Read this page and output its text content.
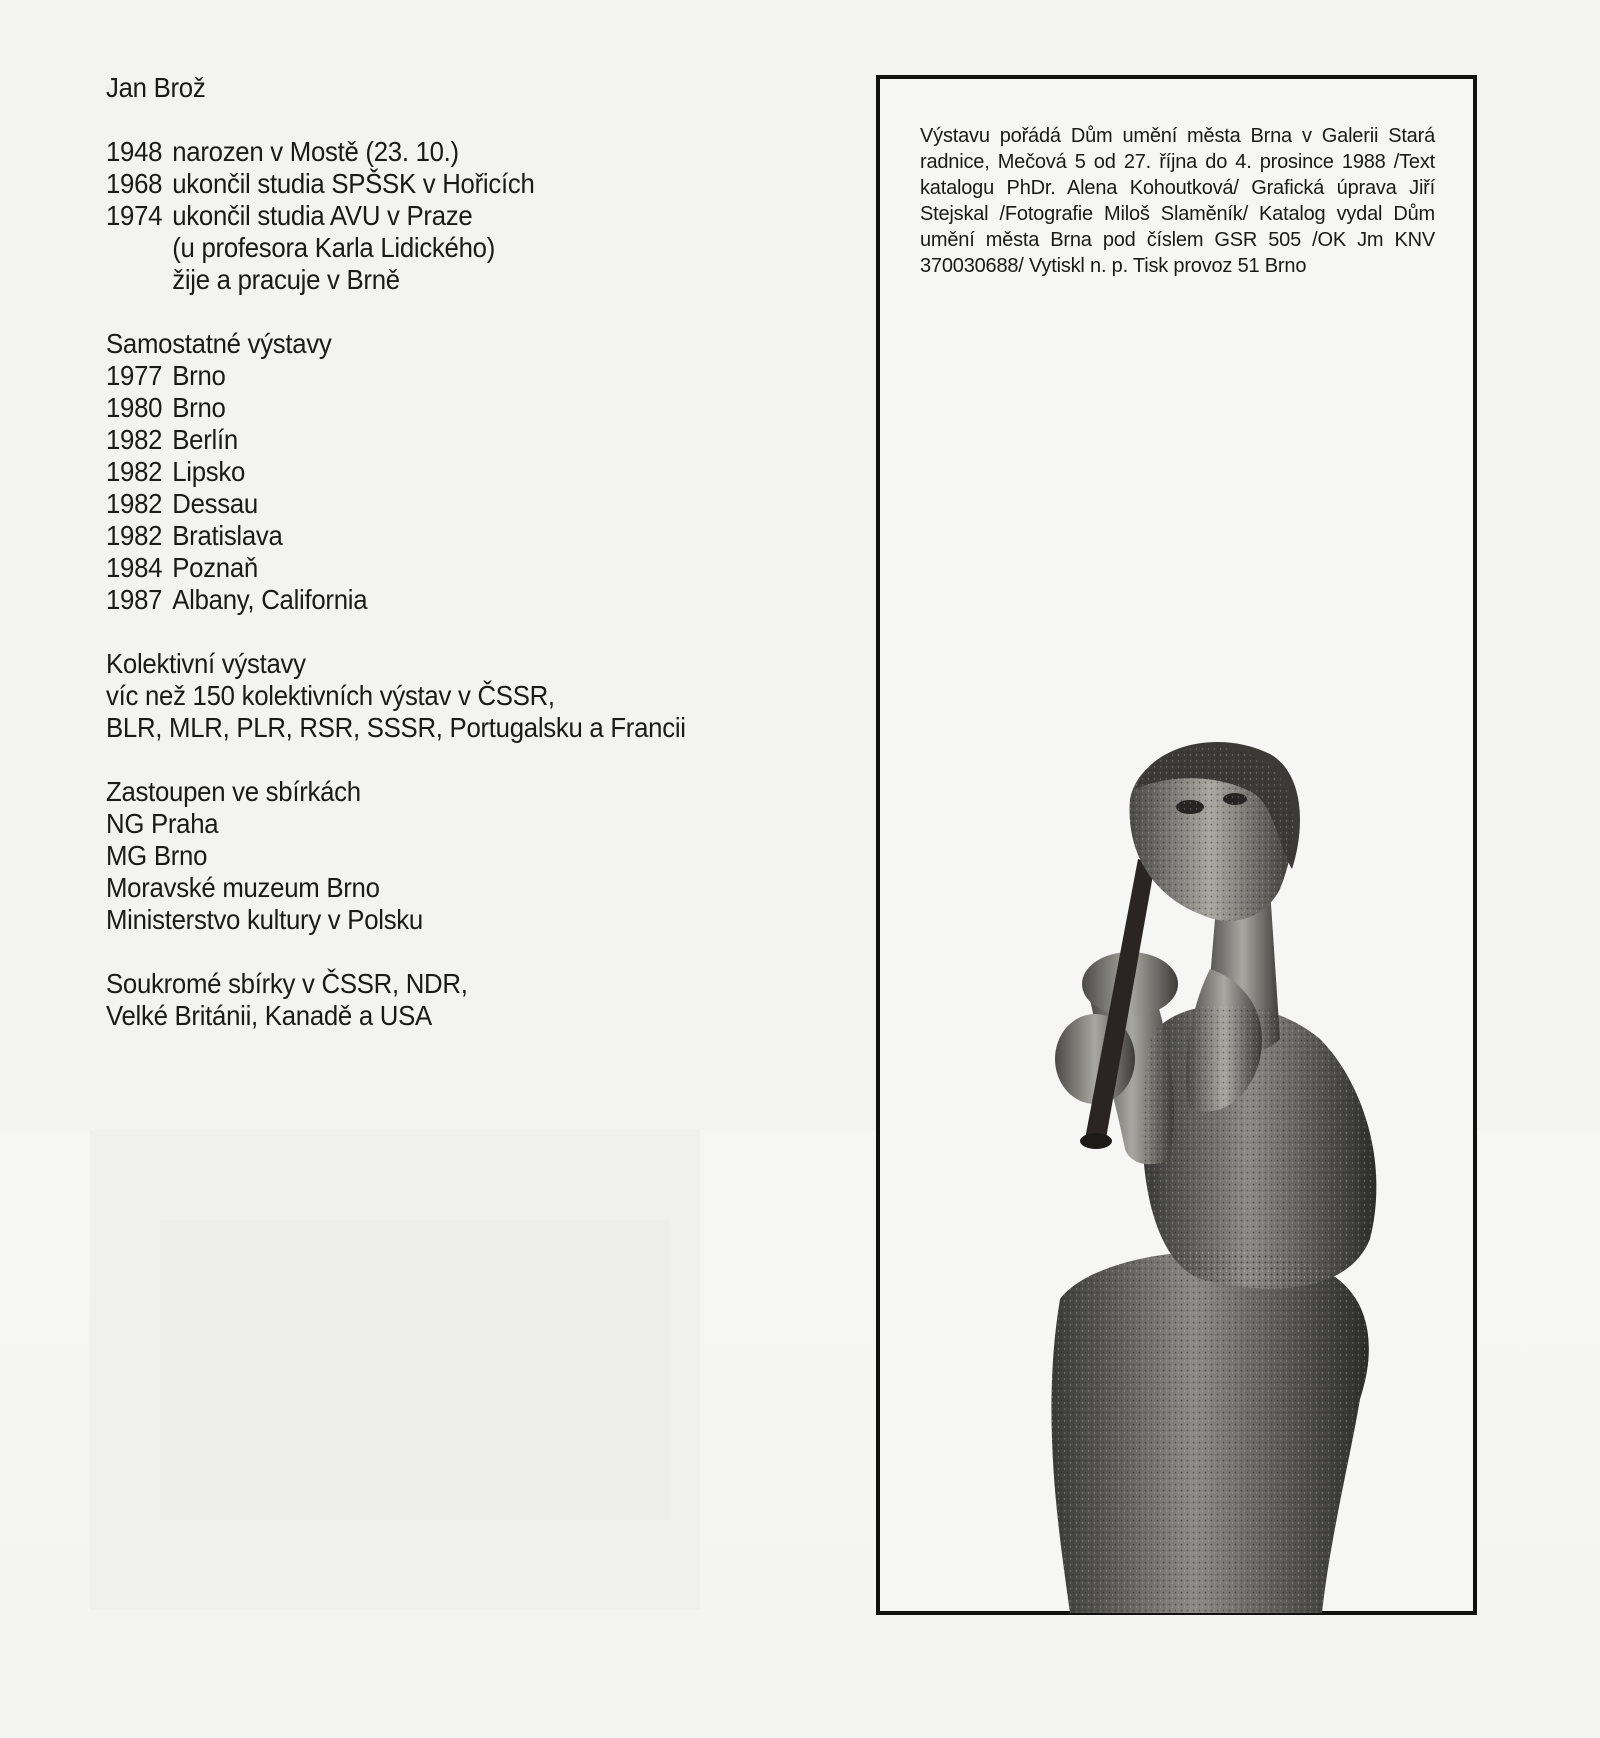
Jan Brož
1948 narozen v Mostě (23. 10.)
1968 ukončil studia SPŠSK v Hořicích
1974 ukončil studia AVU v Praze
(u profesora Karla Lidického)
žije a pracuje v Brně
Samostatné výstavy
1977 Brno
1980 Brno
1982 Berlín
1982 Lipsko
1982 Dessau
1982 Bratislava
1984 Poznaň
1987 Albany, California
Kolektivní výstavy
víc než 150 kolektivních výstav v ČSSR,
BLR, MLR, PLR, RSR, SSSR, Portugalsku a Francii
Zastoupen ve sbírkách
NG Praha
MG Brno
Moravské muzeum Brno
Ministerstvo kultury v Polsku
Soukromé sbírky v ČSSR, NDR,
Velké Británii, Kanadě a USA
Výstavu pořádá Dům umění města Brna v Galerii Stará radnice, Mečová 5 od 27. října do 4. prosince 1988 /Text katalogu PhDr. Alena Kohoutková/ Grafická úprava Jiří Stejskal /Fotografie Miloš Slaměník/ Katalog vydal Dům umění města Brna pod číslem GSR 505 /OK Jm KNV 370030688/ Vytiskl n. p. Tisk provoz 51 Brno
